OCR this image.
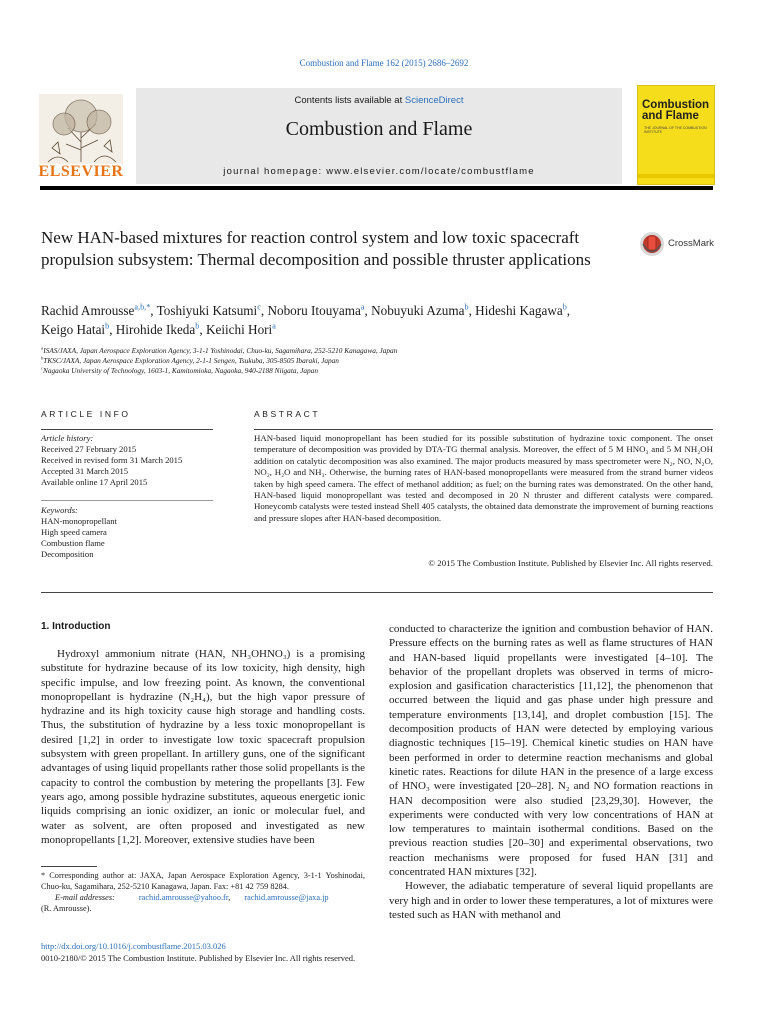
Combustion and Flame 162 (2015) 2686–2692
ELSEVIER
Contents lists available at ScienceDirect
Combustion and Flame
journal homepage: www.elsevier.com/locate/combustflame
Combustion and Flame
THE JOURNAL OF THE COMBUSTION INSTITUTE
New HAN-based mixtures for reaction control system and low toxic spacecraft propulsion subsystem: Thermal decomposition and possible thruster applications
CrossMark
Rachid Amrousse$^{a,b,*}$, Toshiyuki Katsumi$^c$, Noboru Itouyama$^a$, Nobuyuki Azuma$^b$, Hideshi Kagawa$^b$,
Keigo Hatai$^b$, Hirohide Ikeda$^b$, Keiichi Hori$^a$
$^a$ISAS/JAXA, Japan Aerospace Exploration Agency, 3-1-1 Yoshinodai, Chuo-ku, Sagamihara, 252-5210 Kanagawa, Japan
$^b$TKSC/JAXA, Japan Aerospace Exploration Agency, 2-1-1 Sengen, Tsukuba, 305-8505 Ibaraki, Japan
$^c$Nagaoka University of Technology, 1603-1, Kamitomioka, Nagaoka, 940-2188 Niigata, Japan
ARTICLE INFO
Article history:
Received 27 February 2015
Received in revised form 31 March 2015
Accepted 31 March 2015
Available online 17 April 2015
Keywords:
HAN-monopropellant
High speed camera
Combustion flame
Decomposition
ABSTRACT
HAN-based liquid monopropellant has been studied for its possible substitution of hydrazine toxic component. The onset temperature of decomposition was provided by DTA-TG thermal analysis. Moreover, the effect of 5 M HNO₃ and 5 M NH₂OH addition on catalytic decomposition was also examined. The major products measured by mass spectrometer were N₂, NO, N₂O, NO₂, H₂O and NH₃. Otherwise, the burning rates of HAN-based monopropellants were measured from the strand burner videos taken by high speed camera. The effect of methanol addition; as fuel; on the burning rates was demonstrated. On the other hand, HAN-based liquid monopropellant was tested and decomposed in 20 N thruster and different catalysts were compared. Honeycomb catalysts were tested instead Shell 405 catalysts, the obtained data demonstrate the improvement of burning reactions and pressure slopes after HAN-based decomposition.
© 2015 The Combustion Institute. Published by Elsevier Inc. All rights reserved.
1. Introduction

Hydroxyl ammonium nitrate (HAN, NH₃OHNO₃) is a promising substitute for hydrazine because of its low toxicity, high density, high specific impulse, and low freezing point. As known, the conventional monopropellant is hydrazine (N₂H₄), but the high vapor pressure of hydrazine and its high toxicity cause high storage and handling costs. Thus, the substitution of hydrazine by a less toxic monopropellant is desired [1,2] in order to investigate low toxic spacecraft propulsion subsystem with green propellant. In artillery guns, one of the significant advantages of using liquid propellants rather those solid propellants is the capacity to control the combustion by metering the propellants [3]. Few years ago, among possible hydrazine substitutes, aqueous energetic ionic liquids comprising an ionic oxidizer, an ionic or molecular fuel, and water as solvent, are often proposed and investigated as new monopropellants [1,2]. Moreover, extensive studies have been

conducted to characterize the ignition and combustion behavior of HAN. Pressure effects on the burning rates as well as flame structures of HAN and HAN-based liquid propellants were investigated [4–10]. The behavior of the propellant droplets was observed in terms of micro-explosion and gasification characteristics [11,12], the phenomenon that occurred between the liquid and gas phase under high pressure and temperature environments [13,14], and droplet combustion [15]. The decomposition products of HAN were detected by employing various diagnostic techniques [15–19]. Chemical kinetic studies on HAN have been performed in order to determine reaction mechanisms and global kinetic rates. Reactions for dilute HAN in the presence of a large excess of HNO₃ were investigated [20–28]. N₂ and NO formation reactions in HAN decomposition were also studied [23,29,30]. However, the experiments were conducted with very low concentrations of HAN at low temperatures to maintain isothermal conditions. Based on the previous reaction studies [20–30] and experimental observations, two reaction mechanisms were proposed for fused HAN [31] and concentrated HAN mixtures [32].

However, the adiabatic temperature of several liquid propellants are very high and in order to lower these temperatures, a lot of mixtures were tested such as HAN with methanol and

* Corresponding author at: JAXA, Japan Aerospace Exploration Agency, 3-1-1 Yoshinodai, Chuo-ku, Sagamihara, 252-5210 Kanagawa, Japan. Fax: +81 42 759 8284.
E-mail addresses:	rachid.amrousse@yahoo.fr, rachid.amrousse@jaxa.jp
(R. Amrousse).
http://dx.doi.org/10.1016/j.combustflame.2015.03.026
0010-2180/© 2015 The Combustion Institute. Published by Elsevier Inc. All rights reserved.
